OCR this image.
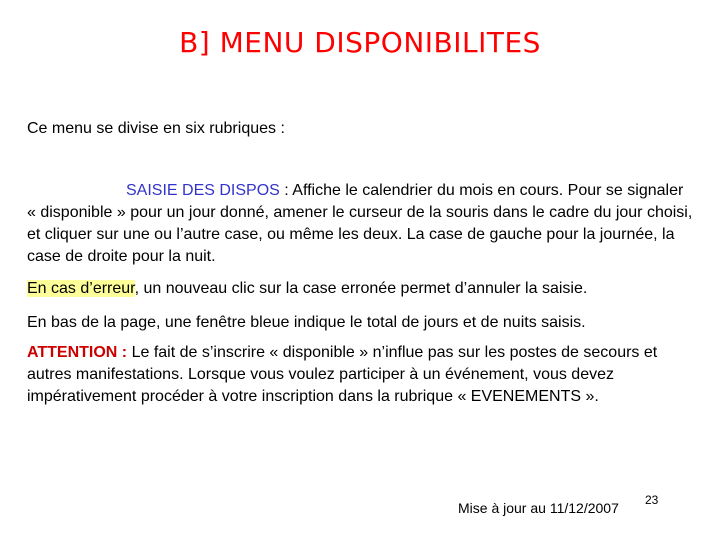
B] MENU DISPONIBILITES
Ce menu se divise en six rubriques :
SAISIE DES DISPOS : Affiche le calendrier du mois en cours. Pour se signaler « disponible » pour un jour donné, amener le curseur de la souris dans le cadre du jour choisi, et cliquer sur une ou l’autre case, ou même les deux. La case de gauche pour la journée, la case de droite pour la nuit.
En cas d’erreur, un nouveau clic sur la case erronée permet d’annuler la saisie.
En bas de la page, une fenêtre bleue indique le total de jours et de nuits saisis.
ATTENTION : Le fait de s’inscrire « disponible » n’influe pas sur les postes de secours et autres manifestations. Lorsque vous voulez participer à un événement, vous devez impérativement procéder à votre inscription dans la rubrique « EVENEMENTS ».
Mise à jour au 11/12/2007 23
